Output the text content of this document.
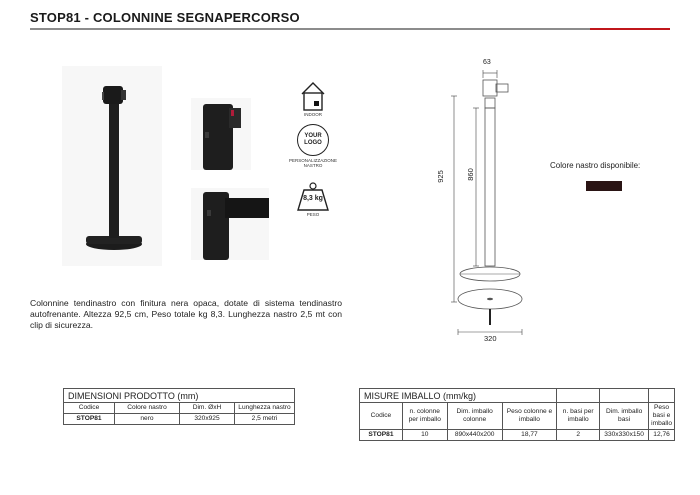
STOP81 - COLONNINE SEGNAPERCORSO
INDOOR
YOUR LOGO
PERSONALIZZAZIONE NASTRO
8,3 kg
PESO
63
925	860
320
Colore nastro disponibile:
Colonnine tendinastro con finitura nera opaca, dotate di sistema tendinastro autofrenante. Altezza 92,5 cm, Peso totale kg 8,3. Lunghezza nastro 2,5 mt con clip di sicurezza.
DIMENSIONI PRODOTTO (mm)			
Codice	Colore nastro	Dim. ØxH	Lunghezza nastro
STOP81	nero	320x925	2,5 metri
MISURE IMBALLO (mm/kg)						
Codice	n. colonne per imballo	Dim. imballo colonne	Peso colonne e imballo	n. basi per imballo	Dim. imballo basi	Peso basi e imballo
STOP81	10	890x440x200	18,77	2	330x330x150	12,76
